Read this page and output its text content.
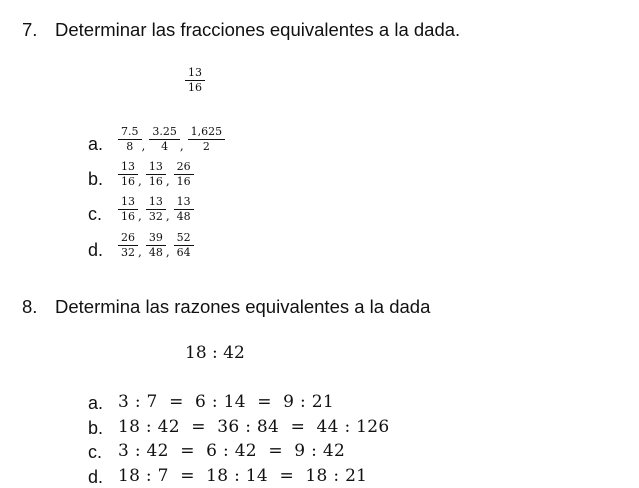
7. Determinar las fracciones equivalentes a la dada.
$\frac{13}{16}$
a. $\frac{7.5}{8}$ , $\frac{3.25}{4}$ , $\frac{1,625}{2}$
b. $\frac{13}{16}$ , $\frac{13}{16}$ , $\frac{26}{16}$
c. $\frac{13}{16}$ , $\frac{13}{32}$ , $\frac{13}{48}$
d. $\frac{26}{32}$ , $\frac{39}{48}$ , $\frac{52}{64}$
8. Determina las razones equivalentes a la dada
18 : 42
a. 3 : 7  =  6 : 14  =  9 : 21
b. 18 : 42  =  36 : 84  =  44 : 126
c. 3 : 42  =  6 : 42  =  9 : 42
d. 18 : 7  =  18 : 14  =  18 : 21
